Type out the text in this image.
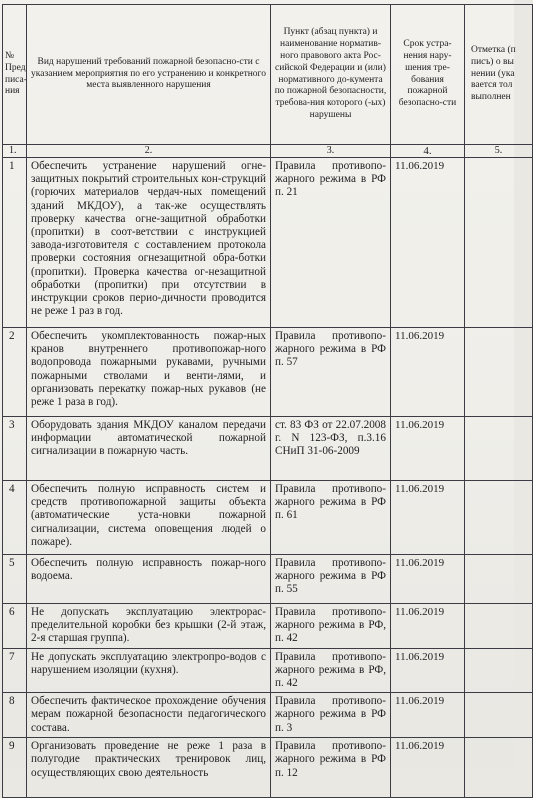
№ Пред писа- ния	Вид нарушений требований пожарной безопасно-сти с указанием мероприятия по его устранению и конкретного места выявленного нарушения	Пункт (абзац пункта) и наименование норматив-ного правового акта Рос-сийской Федерации и (или) нормативного до-кумента по пожарной безопасности, требова-ния которого (-ых) нарушены	Срок устра-нения нару-шения тре-бования пожарной безопасно-сти	Отметка (п писъ) о вы нении (ука вается тол выполнен
1.	2.	3.	4.	5.
1	Обеспечить устранение нарушений огне-защитных покрытий строительных кон-струкций (горючих материалов чердач-ных помещений зданий МКДОУ), а так-же осуществлять проверку качества огне-защитной обработки (пропитки) в соот-ветствии с инструкцией завода-изготовителя с составлением протокола проверки состояния огнезащитной обра-ботки (пропитки). Проверка качества ог-незащитной обработки (пропитки) при отсутствии в инструкции сроков перио-дичности проводится не реже 1 раз в год.	Правила противопо-жарного режима в РФ п. 21	11.06.2019	
2	Обеспечить укомплектованность пожар-ных кранов внутреннего противопожар-ного водопровода пожарными рукавами, ручными пожарными стволами и венти-лями, и организовать перекатку пожар-ных рукавов (не реже 1 раза в год).	Правила противопо-жарного режима в РФ п. 57	11.06.2019	
3	Оборудовать здания МКДОУ каналом передачи информации автоматической пожарной сигнализации в пожарную часть.	ст. 83 ФЗ от 22.07.2008 г. N 123-ФЗ, п.3.16 СНиП 31-06-2009	11.06.2019	
4	Обеспечить полную исправность систем и средств противопожарной защиты объекта (автоматические уста-новки пожарной сигнализации, система оповещения людей о пожаре).	Правила противопо-жарного режима в РФ п. 61	11.06.2019	
5	Обеспечить полную исправность пожар-ного водоема.	Правила противопо-жарного режима в РФ п. 55	11.06.2019	
6	Не допускать эксплуатацию электрорас-пределительной коробки без крышки (2-й этаж, 2-я старшая группа).	Правила противопо-жарного режима в РФ, п. 42	11.06.2019	
7	Не допускать эксплуатацию электропро-водов с нарушением изоляции (кухня).	Правила противопо-жарного режима в РФ, п. 42	11.06.2019	
8	Обеспечить фактическое прохождение обучения мерам пожарной безопасности педагогического состава.	Правила противопо-жарного режима в РФ п. 3	11.06.2019	
9	Организовать проведение не реже 1 раза в полугодие практических тренировок лиц, осуществляющих свою деятельность	Правила противопо-жарного режима в РФ п. 12	11.06.2019	
